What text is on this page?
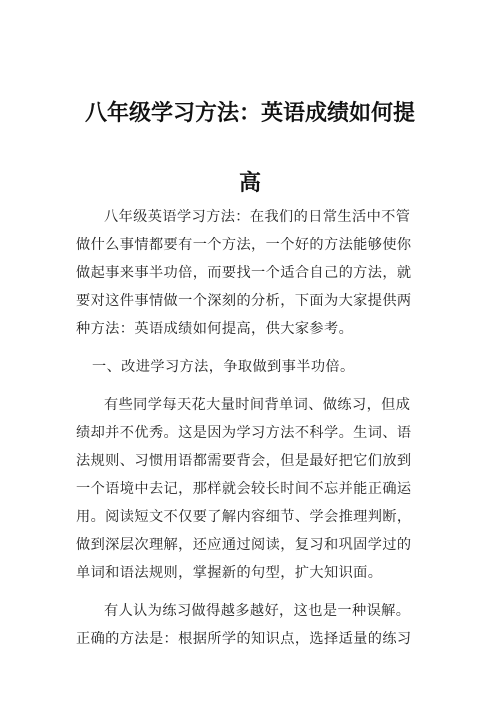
八年级学习方法：英语成绩如何提
高

八年级英语学习方法：在我们的日常生活中不管

做什么事情都要有一个方法，一个好的方法能够使你

做起事来事半功倍，而要找一个适合自己的方法，就

要对这件事情做一个深刻的分析，下面为大家提供两

种方法：英语成绩如何提高，供大家参考。

一、改进学习方法，争取做到事半功倍。

有些同学每天花大量时间背单词、做练习，但成

绩却并不优秀。这是因为学习方法不科学。生词、语

法规则、习惯用语都需要背会，但是最好把它们放到

一个语境中去记，那样就会较长时间不忘并能正确运

用。阅读短文不仅要了解内容细节、学会推理判断，

做到深层次理解，还应通过阅读，复习和巩固学过的

单词和语法规则，掌握新的句型，扩大知识面。

有人认为练习做得越多越好，这也是一种误解。

正确的方法是：根据所学的知识点，选择适量的练习
